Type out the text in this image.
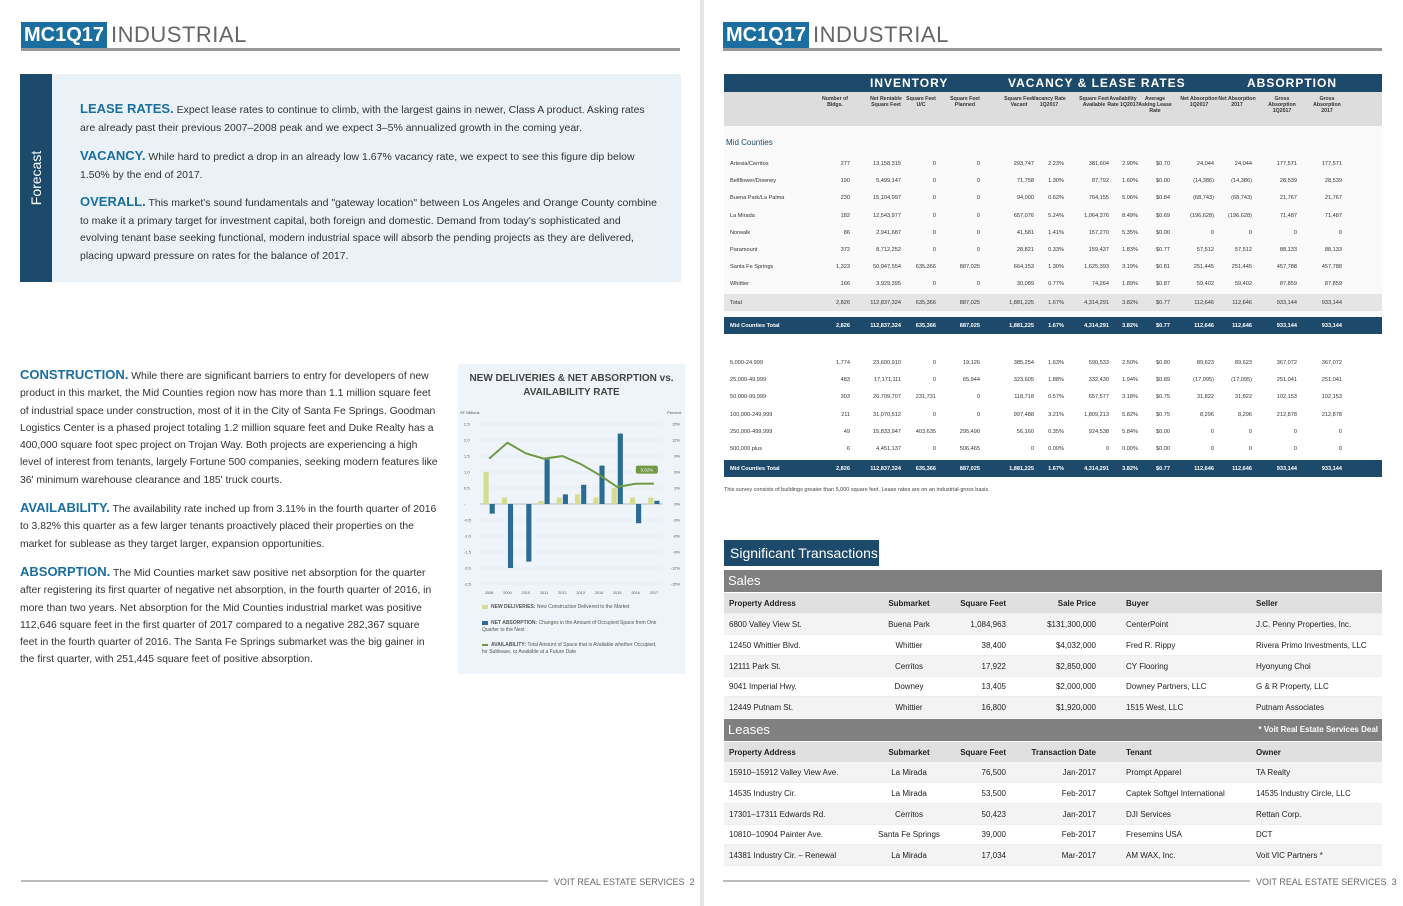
MC1Q17 INDUSTRIAL
Forecast

LEASE RATES. Expect lease rates to continue to climb, with the largest gains in newer, Class A product. Asking rates are already past their previous 2007–2008 peak and we expect 3–5% annualized growth in the coming year.

VACANCY. While hard to predict a drop in an already low 1.67% vacancy rate, we expect to see this figure dip below 1.50% by the end of 2017.

OVERALL. This market's sound fundamentals and "gateway location" between Los Angeles and Orange County combine to make it a primary target for investment capital, both foreign and domestic. Demand from today's sophisticated and evolving tenant base seeking functional, modern industrial space will absorb the pending projects as they are delivered, placing upward pressure on rates for the balance of 2017.

CONSTRUCTION. While there are significant barriers to entry for developers of new product in this market, the Mid Counties region now has more than 1.1 million square feet of industrial space under construction, most of it in the City of Santa Fe Springs. Goodman Logistics Center is a phased project totaling 1.2 million square feet and Duke Realty has a 400,000 square foot spec project on Trojan Way. Both projects are experiencing a high level of interest from tenants, largely Fortune 500 companies, seeking modern features like 36' minimum warehouse clearance and 185' truck courts.

AVAILABILITY. The availability rate inched up from 3.11% in the fourth quarter of 2016 to 3.82% this quarter as a few larger tenants proactively placed their properties on the market for sublease as they target larger, expansion opportunities.

ABSORPTION. The Mid Counties market saw positive net absorption for the quarter after registering its first quarter of negative net absorption, in the fourth quarter of 2016, in more than two years. Net absorption for the Mid Counties industrial market was positive 112,646 square feet in the first quarter of 2017 compared to a negative 282,367 square feet in the fourth quarter of 2016. The Santa Fe Springs submarket was the big gainer in the first quarter, with 251,445 square feet of positive absorption.

NEW DELIVERIES & NET ABSORPTION vs. AVAILABILITY RATE
SF Millions	Percent
2.5
2.0
1.5
1.0
0.5
-
-0.5
-1.0
-1.5
-2.0
-2.5
15%
12%
9%
6%
3%
0%
-3%
-6%
-9%
-12%
-15%
2008	2009	2010	2011	2012	2013	2014	2015	2016	2017
3.82%
NEW DELIVERIES: New Construction Delivered to the Market
NET ABSORPTION: Changes in the Amount of Occupied Space from One Quarter to the Next
AVAILABILITY: Total Amount of Space that is Available whether Occupied, for Sublease, or Available at a Future Date
VOIT REAL ESTATE SERVICES 2
MC1Q17 INDUSTRIAL
INVENTORY	VACANCY & LEASE RATES	ABSORPTION
Number of Bldgs.
Net Rentable Square Feet
Square Feet U/C
Square Feet Planned
Square Feet Vacant
Vacancy Rate 1Q2017
Square Feet Available
Availability Rate 1Q2017
Average Asking Lease Rate
Net Absorption 1Q2017
Net Absorption 2017
Gross Absorption 1Q2017
Gross Absorption 2017
Mid Counties
Artesia/Cerritos	277	13,158,315	0	0	293,747	2.23%	381,604	2.90%	$0.70	24,044	24,044	177,571	177,571
Bellflower/Downey	190	5,499,147	0	0	71,758	1.30%	87,792	1.60%	$0.00	(14,386)	(14,386)	28,539	28,539
Buena Park/La Palma	230	15,104,997	0	0	94,000	0.62%	764,155	5.06%	$0.84	(68,743)	(68,743)	21,767	21,767
La Mirada	182	12,543,977	0	0	657,076	5.24%	1,064,376	8.49%	$0.69	(196,628)	(196,628)	71,487	71,487
Norwalk	86	2,941,687	0	0	41,581	1.41%	157,270	5.35%	$0.00	0	0	0	0
Paramount	372	8,712,252	0	0	28,821	0.33%	159,437	1.83%	$0.77	57,512	57,512	88,133	88,133
Santa Fe Springs	1,323	50,947,554	635,366	887,025	664,153	1.30%	1,625,393	3.19%	$0.81	251,445	251,445	457,788	457,788
Whittier	166	3,929,395	0	0	30,089	0.77%	74,264	1.89%	$0.87	59,402	59,402	87,859	87,859
Total	2,826	112,837,324	635,366	887,025	1,881,225	1.67%	4,314,291	3.82%	$0.77	112,646	112,646	933,144	933,144
Mid Counties Total	2,826	112,837,324	635,366	887,025	1,881,225	1.67%	4,314,291	3.82%	$0.77	112,646	112,646	933,144	933,144
5,000-24,999	1,774	23,600,910	0	19,126	385,254	1.63%	590,533	2.50%	$0.80	89,623	89,623	367,072	367,072
25,000-49,999	483	17,171,111	0	65,944	323,605	1.88%	332,430	1.94%	$0.89	(17,095)	(17,095)	251,041	251,041
50,000-99,999	303	20,709,707	231,731	0	118,718	0.57%	657,577	3.18%	$0.75	31,822	31,822	102,153	102,153
100,000-249,999	211	31,070,512	0	0	997,488	3.21%	1,809,213	5.82%	$0.75	8,296	8,296	212,878	212,878
250,000-499,999	49	15,833,947	403,635	295,490	56,160	0.35%	924,538	5.84%	$0.00	0	0	0	0
500,000 plus	6	4,451,137	0	506,465	0	0.00%	0	0.00%	$0.00	0	0	0	0
Mid Counties Total	2,826	112,837,324	635,366	887,025	1,881,225	1.67%	4,314,291	3.82%	$0.77	112,646	112,646	933,144	933,144
This survey consists of buildings greater than 5,000 square feet. Lease rates are on an industrial-gross basis.
Significant Transactions
Sales
Property Address	Submarket	Square Feet	Sale Price	Buyer	Seller
6800 Valley View St.	Buena Park	1,084,963	$131,300,000	CenterPoint	J.C. Penny Properties, Inc.
12450 Whittier Blvd.	Whittier	38,400	$4,032,000	Fred R. Rippy	Rivera Primo Investments, LLC
12111 Park St.	Cerritos	17,922	$2,850,000	CY Flooring	Hyonyung Choi
9041 Imperial Hwy.	Downey	13,405	$2,000,000	Downey Partners, LLC	G & R Property, LLC
12449 Putnam St.	Whittier	16,800	$1,920,000	1515 West, LLC	Putnam Associates
Leases	* Voit Real Estate Services Deal
Property Address	Submarket	Square Feet	Transaction Date	Tenant	Owner
15910–15912 Valley View Ave.	La Mirada	76,500	Jan-2017	Prompt Apparel	TA Realty
14535 Industry Cir.	La Mirada	53,500	Feb-2017	Captek Softgel International	14535 Industry Circle, LLC
17301–17311 Edwards Rd.	Cerritos	50,423	Jan-2017	DJI Services	Rettan Corp.
10810–10904 Painter Ave.	Santa Fe Springs	39,000	Feb-2017	Fresemins USA	DCT
14381 Industry Cir. – Renewal	La Mirada	17,034	Mar-2017	AM WAX, Inc.	Voit VIC Partners *
VOIT REAL ESTATE SERVICES 3
